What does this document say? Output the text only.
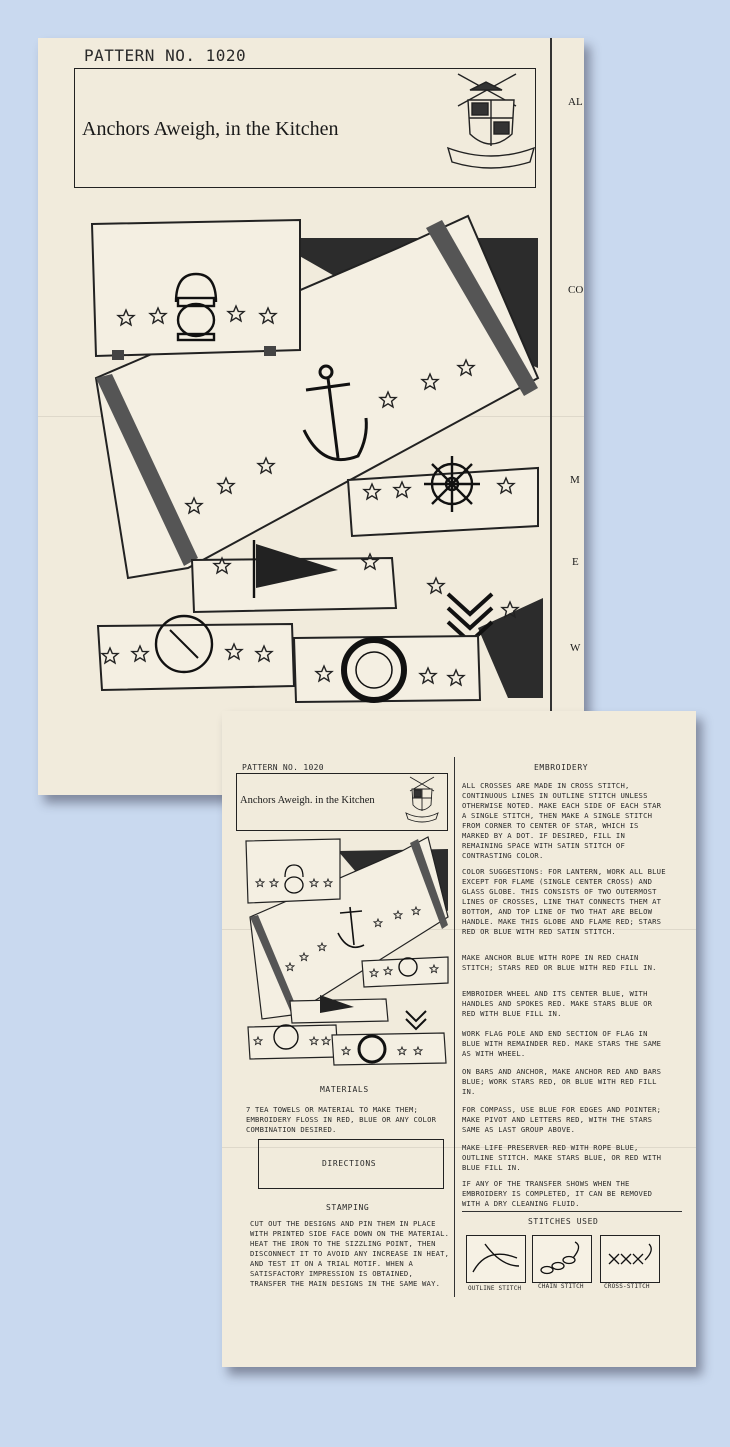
PATTERN NO. 1020
Anchors Aweigh, in the Kitchen
AL
CO
M
E
W
PATTERN NO. 1020
Anchors Aweigh. in the Kitchen
MATERIALS
7 TEA TOWELS OR MATERIAL TO MAKE THEM; EMBROIDERY FLOSS IN RED, BLUE OR ANY COLOR COMBINATION DESIRED.
DIRECTIONS
STAMPING
CUT OUT THE DESIGNS AND PIN THEM IN PLACE WITH PRINTED SIDE FACE DOWN ON THE MATERIAL. HEAT THE IRON TO THE SIZZLING POINT, THEN DISCONNECT IT TO AVOID ANY INCREASE IN HEAT, AND TEST IT ON A TRIAL MOTIF. WHEN A SATISFACTORY IMPRESSION IS OBTAINED, TRANSFER THE MAIN DESIGNS IN THE SAME WAY.
EMBROIDERY
ALL CROSSES ARE MADE IN CROSS STITCH, CONTINUOUS LINES IN OUTLINE STITCH UNLESS OTHERWISE NOTED. MAKE EACH SIDE OF EACH STAR A SINGLE STITCH, THEN MAKE A SINGLE STITCH FROM CORNER TO CENTER OF STAR, WHICH IS MARKED BY A DOT. IF DESIRED, FILL IN REMAINING SPACE WITH SATIN STITCH OF CONTRASTING COLOR.
COLOR SUGGESTIONS: FOR LANTERN, WORK ALL BLUE EXCEPT FOR FLAME (SINGLE CENTER CROSS) AND GLASS GLOBE. THIS CONSISTS OF TWO OUTERMOST LINES OF CROSSES, LINE THAT CONNECTS THEM AT BOTTOM, AND TOP LINE OF TWO THAT ARE BELOW HANDLE. MAKE THIS GLOBE AND FLAME RED; STARS RED OR BLUE WITH RED SATIN STITCH.
MAKE ANCHOR BLUE WITH ROPE IN RED CHAIN STITCH; STARS RED OR BLUE WITH RED FILL IN.
EMBROIDER WHEEL AND ITS CENTER BLUE, WITH HANDLES AND SPOKES RED. MAKE STARS BLUE OR RED WITH BLUE FILL IN.
WORK FLAG POLE AND END SECTION OF FLAG IN BLUE WITH REMAINDER RED. MAKE STARS THE SAME AS WITH WHEEL.
ON BARS AND ANCHOR, MAKE ANCHOR RED AND BARS BLUE; WORK STARS RED, OR BLUE WITH RED FILL IN.
FOR COMPASS, USE BLUE FOR EDGES AND POINTER; MAKE PIVOT AND LETTERS RED, WITH THE STARS SAME AS LAST GROUP ABOVE.
MAKE LIFE PRESERVER RED WITH ROPE BLUE, OUTLINE STITCH. MAKE STARS BLUE, OR RED WITH BLUE FILL IN.
IF ANY OF THE TRANSFER SHOWS WHEN THE EMBROIDERY IS COMPLETED, IT CAN BE REMOVED WITH A DRY CLEANING FLUID.
STITCHES USED
OUTLINE STITCH	CHAIN STITCH	CROSS-STITCH
